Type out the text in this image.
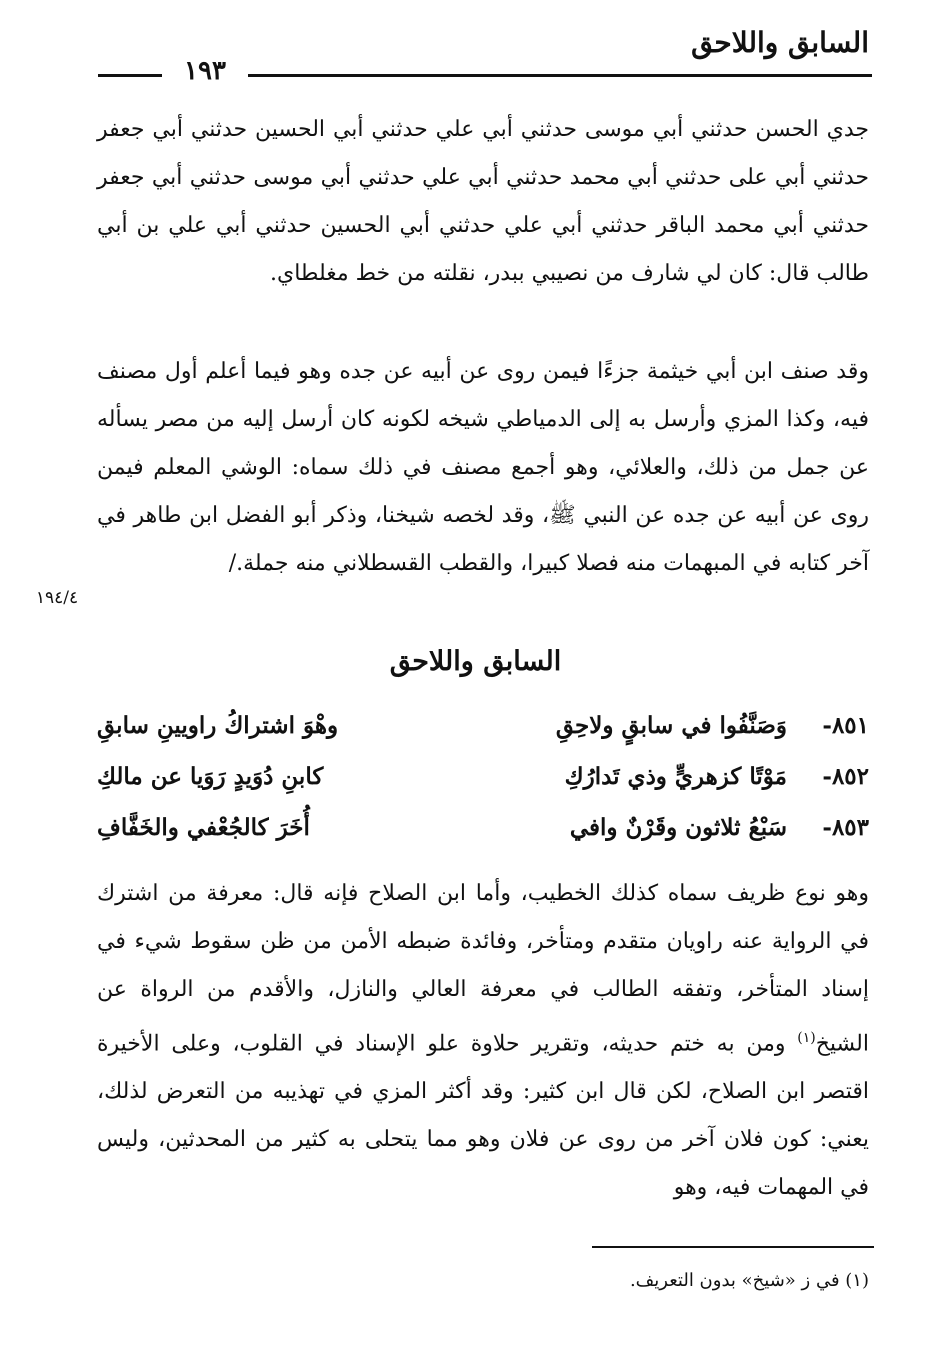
السابق واللاحق
١٩٣

جدي الحسن حدثني أبي موسى حدثني أبي علي حدثني أبي الحسين حدثني أبي جعفر حدثني أبي على حدثني أبي محمد حدثني أبي علي حدثني أبي موسى حدثني أبي جعفر حدثني أبي محمد الباقر حدثني أبي علي حدثني أبي الحسين حدثني أبي علي بن أبي طالب قال: كان لي شارف من نصيبي ببدر، نقلته من خط مغلطاي.

وقد صنف ابن أبي خيثمة جزءًا فيمن روى عن أبيه عن جده وهو فيما أعلم أول مصنف فيه، وكذا المزي وأرسل به إلى الدمياطي شيخه لكونه كان أرسل إليه من مصر يسأله عن جمل من ذلك، والعلائي، وهو أجمع مصنف في ذلك سماه: الوشي المعلم فيمن روى عن أبيه عن جده عن النبي ﷺ، وقد لخصه شيخنا، وذكر أبو الفضل ابن طاهر في آخر كتابه في المبهمات منه فصلا كبيرا، والقطب القسطلاني منه جملة./

١٩٤/٤
السابق واللاحق
٨٥١-
وَصَنَّفُوا في سابقٍ ولاحِقِ
وهْوَ اشتراكُ راويينِ سابقِ
٨٥٢-
مَوْتًا كزهريٍّ وذي تَدارُكِ
كابنِ دُوَيدٍ رَوَيا عن مالكِ
٨٥٣-
سَبْعُ ثلاثون وقَرْنٌ وافي
أُخَرَ كالجُعْفي والخَفَّافِ

وهو نوع ظريف سماه كذلك الخطيب، وأما ابن الصلاح فإنه قال: معرفة من اشترك في الرواية عنه راويان متقدم ومتأخر، وفائدة ضبطه الأمن من ظن سقوط شيء في إسناد المتأخر، وتفقه الطالب في معرفة العالي والنازل، والأقدم من الرواة عن الشيخ$^{(١)}$ ومن به ختم حديثه، وتقرير حلاوة علو الإسناد في القلوب، وعلى الأخيرة اقتصر ابن الصلاح، لكن قال ابن كثير: وقد أكثر المزي في تهذيبه من التعرض لذلك، يعني: كون فلان آخر من روى عن فلان وهو مما يتحلى به كثير من المحدثين، وليس في المهمات فيه، وهو

(١) في ز «شيخ» بدون التعريف.
